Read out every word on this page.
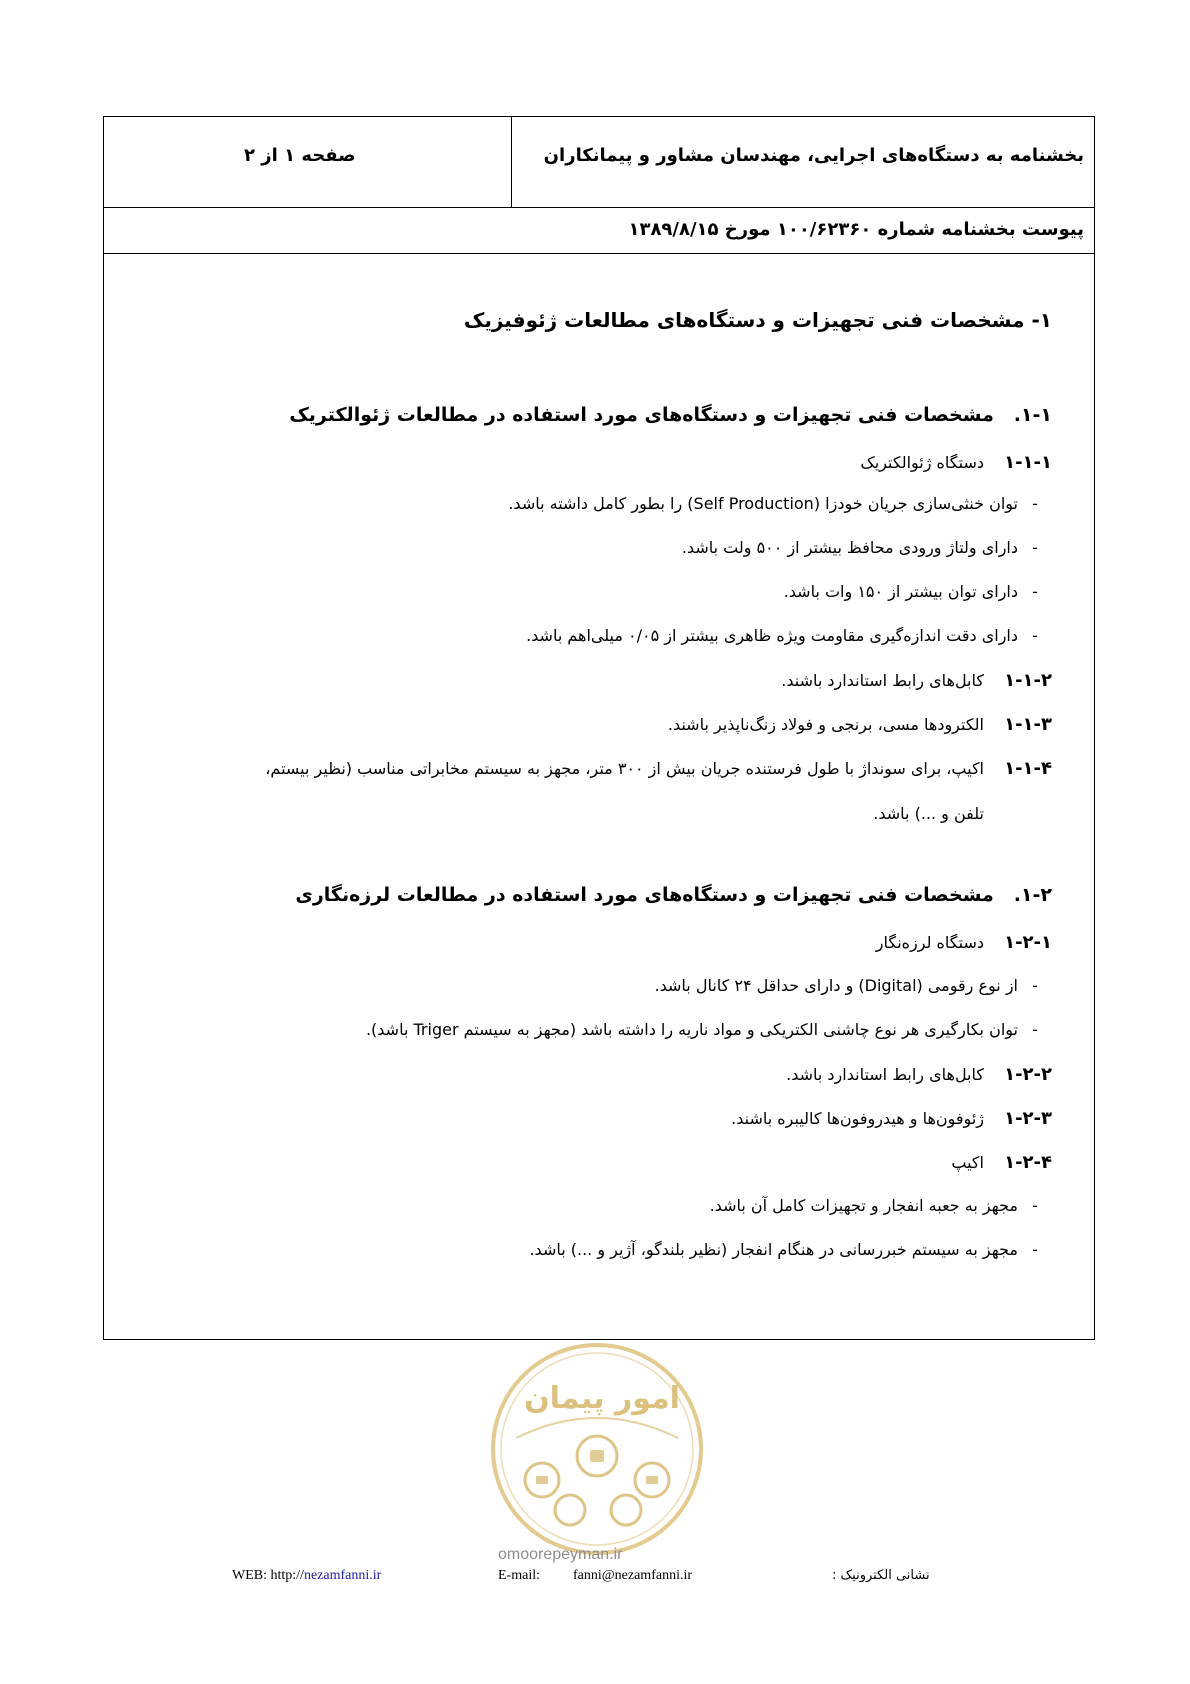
بخشنامه به دستگاه‌های اجرایی، مهندسان مشاور و پیمانکاران
صفحه ۱ از ۲
پیوست بخشنامه شماره ۱۰۰/۶۲۳۶۰ مورخ ۱۳۸۹/۸/۱۵
۱- مشخصات فنی تجهیزات و دستگاه‌های مطالعات ژئوفیزیک
۱-۱.   مشخصات فنی تجهیزات و دستگاه‌های مورد استفاده در مطالعات ژئوالکتریک
۱-۱-۱دستگاه ژئوالکتریک
-توان خنثی‌سازی جریان خودزا (Self Production) را بطور کامل داشته باشد.
-دارای ولتاژ ورودی محافظ بیشتر از ۵۰۰ ولت باشد.
-دارای توان بیشتر از ۱۵۰ وات باشد.
-دارای دقت اندازه‌گیری مقاومت ویژه ظاهری بیشتر از ۰/۰۵ میلی‌اهم باشد.
۱-۱-۲کابل‌های رابط استاندارد باشند.
۱-۱-۳الکترودها مسی، برنجی و فولاد زنگ‌ناپذیر باشند.
۱-۱-۴اکیپ، برای سونداژ با طول فرستنده جریان بیش از ۳۰۰ متر، مجهز به سیستم مخابراتی مناسب (نظیر بیستم،
تلفن و ...) باشد.
۱-۲.   مشخصات فنی تجهیزات و دستگاه‌های مورد استفاده در مطالعات لرزه‌نگاری
۱-۲-۱دستگاه لرزه‌نگار
-از نوع رقومی (Digital) و دارای حداقل ۲۴ کانال باشد.
-توان بکارگیری هر نوع چاشنی الکتریکی و مواد ناریه را داشته باشد (مجهز به سیستم Triger باشد).
۱-۲-۲کابل‌های رابط استاندارد باشد.
۱-۲-۳ژئوفون‌ها و هیدروفون‌ها کالیبره باشند.
۱-۲-۴اکیپ
-مجهز به جعبه انفجار و تجهیزات کامل آن باشد.
-مجهز به سیستم خبررسانی در هنگام انفجار (نظیر بلندگو، آژیر و ...) باشد.
امور پیمان
omoorepeyman.ir
WEB: http://nezamfanni.ir	E-mail: fanni@nezamfanni.ir	نشانی الکترونیک :
